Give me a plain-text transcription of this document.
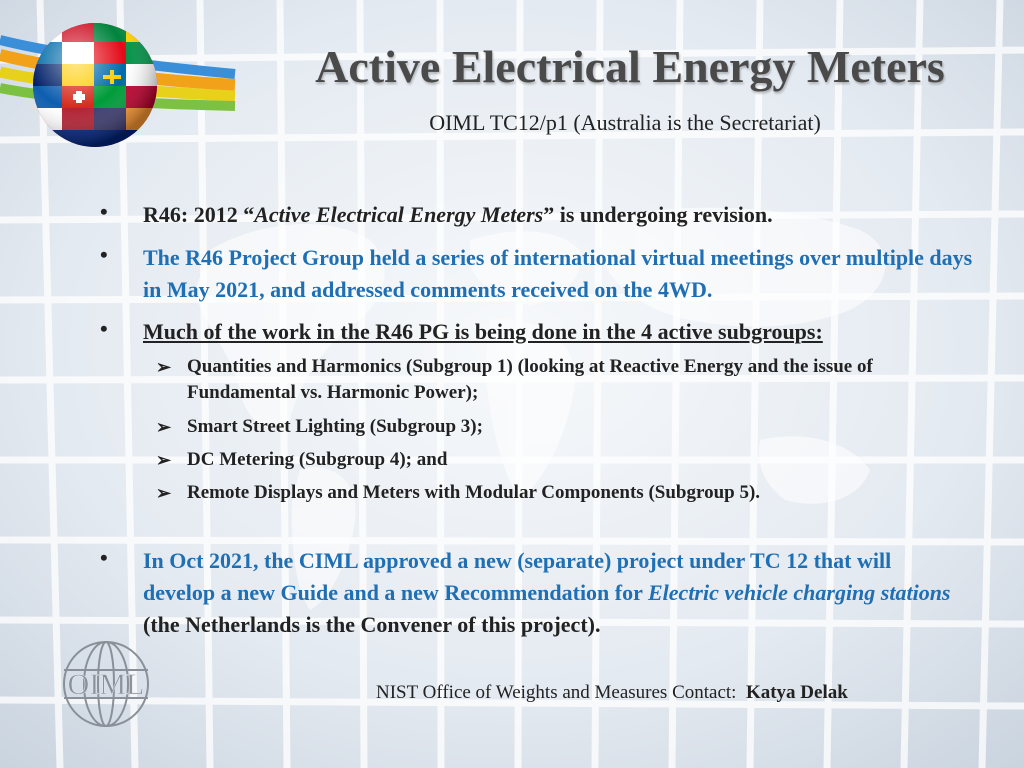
Active Electrical Energy Meters
OIML TC12/p1 (Australia is the Secretariat)
• R46: 2012 “Active Electrical Energy Meters” is undergoing revision.
• The R46 Project Group held a series of international virtual meetings over multiple days in May 2021, and addressed comments received on the 4WD.
• Much of the work in the R46 PG is being done in the 4 active subgroups:
➢ Quantities and Harmonics (Subgroup 1) (looking at Reactive Energy and the issue of Fundamental vs. Harmonic Power);
➢ Smart Street Lighting (Subgroup 3);
➢ DC Metering (Subgroup 4); and
➢ Remote Displays and Meters with Modular Components (Subgroup 5).
• In Oct 2021, the CIML approved a new (separate) project under TC 12 that will develop a new Guide and a new Recommendation for Electric vehicle charging stations (the Netherlands is the Convener of this project).
OIML	NIST Office of Weights and Measures Contact: Katya Delak
